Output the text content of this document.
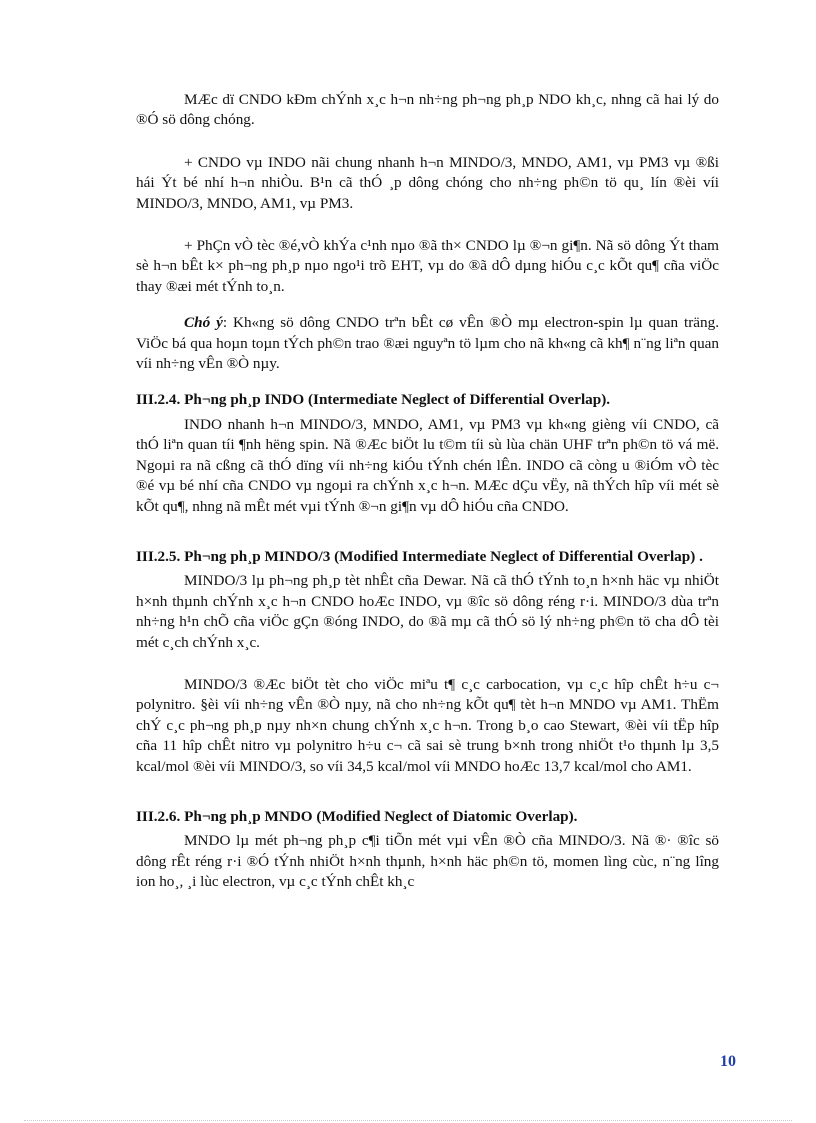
MÆc dï CNDO kÐm chÝnh x¸c h¬n nh÷ng ph¬ng ph¸p NDO kh¸c, nhng cã hai lý do ®Ó sö dông chóng.

+ CNDO vµ INDO nãi chung nhanh h¬n MINDO/3, MNDO, AM1, vµ PM3 vµ ®ßi hái Ýt bé nhí h¬n nhiÒu. B¹n cã thÓ ¸p dông chóng cho nh÷ng ph©n tö qu¸ lín ®èi víi MINDO/3, MNDO, AM1, vµ PM3.

+ PhÇn vÒ tèc ®é,vÒ khÝa c¹nh nµo ®ã th× CNDO lµ ®¬n gi¶n. Nã sö dông Ýt tham sè h¬n bÊt k× ph¬ng ph¸p nµo ngo¹i trõ EHT, vµ do ®ã dÔ dµng hiÓu c¸c kÕt qu¶ cña viÖc thay ®æi mét tÝnh to¸n.

Chó ý: Kh«ng sö dông CNDO trªn bÊt cø vÊn ®Ò mµ electron-spin lµ quan träng. ViÖc bá qua hoµn toµn tÝch ph©n trao ®æi nguyªn tö lµm cho nã kh«ng cã kh¶ n¨ng liªn quan víi nh÷ng vÊn ®Ò nµy.

III.2.4. Ph¬ng ph¸p INDO (Intermediate Neglect of Differential Overlap).

INDO nhanh h¬n MINDO/3, MNDO, AM1, vµ PM3 vµ kh«ng gièng víi CNDO, cã thÓ liªn quan tíi ¶nh hëng spin. Nã ®Æc biÖt lu t©m tíi sù lùa chän UHF trªn ph©n tö vá më. Ngoµi ra nã cßng cã thÓ dïng víi nh÷ng kiÓu tÝnh chén lÊn. INDO cã còng u ®iÓm vÒ tèc ®é vµ bé nhí cña CNDO vµ ngoµi ra chÝnh x¸c h¬n. MÆc dÇu vËy, nã thÝch hîp víi mét sè kÕt qu¶, nhng nã mÊt mét vµi tÝnh ®¬n gi¶n vµ dÔ hiÓu cña CNDO.

III.2.5. Ph¬ng ph¸p MINDO/3 (Modified Intermediate Neglect of Differential Overlap) .

MINDO/3 lµ ph¬ng ph¸p tèt nhÊt cña Dewar. Nã cã thÓ tÝnh to¸n h×nh häc vµ nhiÖt h×nh thµnh chÝnh x¸c h¬n CNDO hoÆc INDO, vµ ®îc sö dông réng r·i. MINDO/3 dùa trªn nh÷ng h¹n chÕ cña viÖc gÇn ®óng INDO, do ®ã mµ cã thÓ sö lý nh÷ng ph©n tö cha dÔ tèi mét c¸ch chÝnh x¸c.

MINDO/3 ®Æc biÖt tèt cho viÖc miªu t¶ c¸c carbocation, vµ c¸c hîp chÊt h÷u c¬ polynitro. §èi víi nh÷ng vÊn ®Ò nµy, nã cho nh÷ng kÕt qu¶ tèt h¬n MNDO vµ AM1. ThËm chÝ c¸c ph¬ng ph¸p nµy nh×n chung chÝnh x¸c h¬n. Trong b¸o cao Stewart, ®èi víi tËp hîp cña 11 hîp chÊt nitro vµ polynitro h÷u c¬ cã sai sè trung b×nh trong nhiÖt t¹o thµnh lµ 3,5 kcal/mol ®èi víi MINDO/3, so víi 34,5 kcal/mol víi MNDO hoÆc 13,7 kcal/mol cho AM1.

III.2.6. Ph¬ng ph¸p MNDO (Modified Neglect of Diatomic Overlap).

MNDO lµ mét ph¬ng ph¸p c¶i tiÕn mét vµi vÊn ®Ò cña MINDO/3. Nã ®· ®îc sö dông rÊt réng r·i ®Ó tÝnh nhiÖt h×nh thµnh, h×nh häc ph©n tö, momen lìng cùc, n¨ng lîng ion ho¸, ¸i lùc electron, vµ c¸c tÝnh chÊt kh¸c

10
